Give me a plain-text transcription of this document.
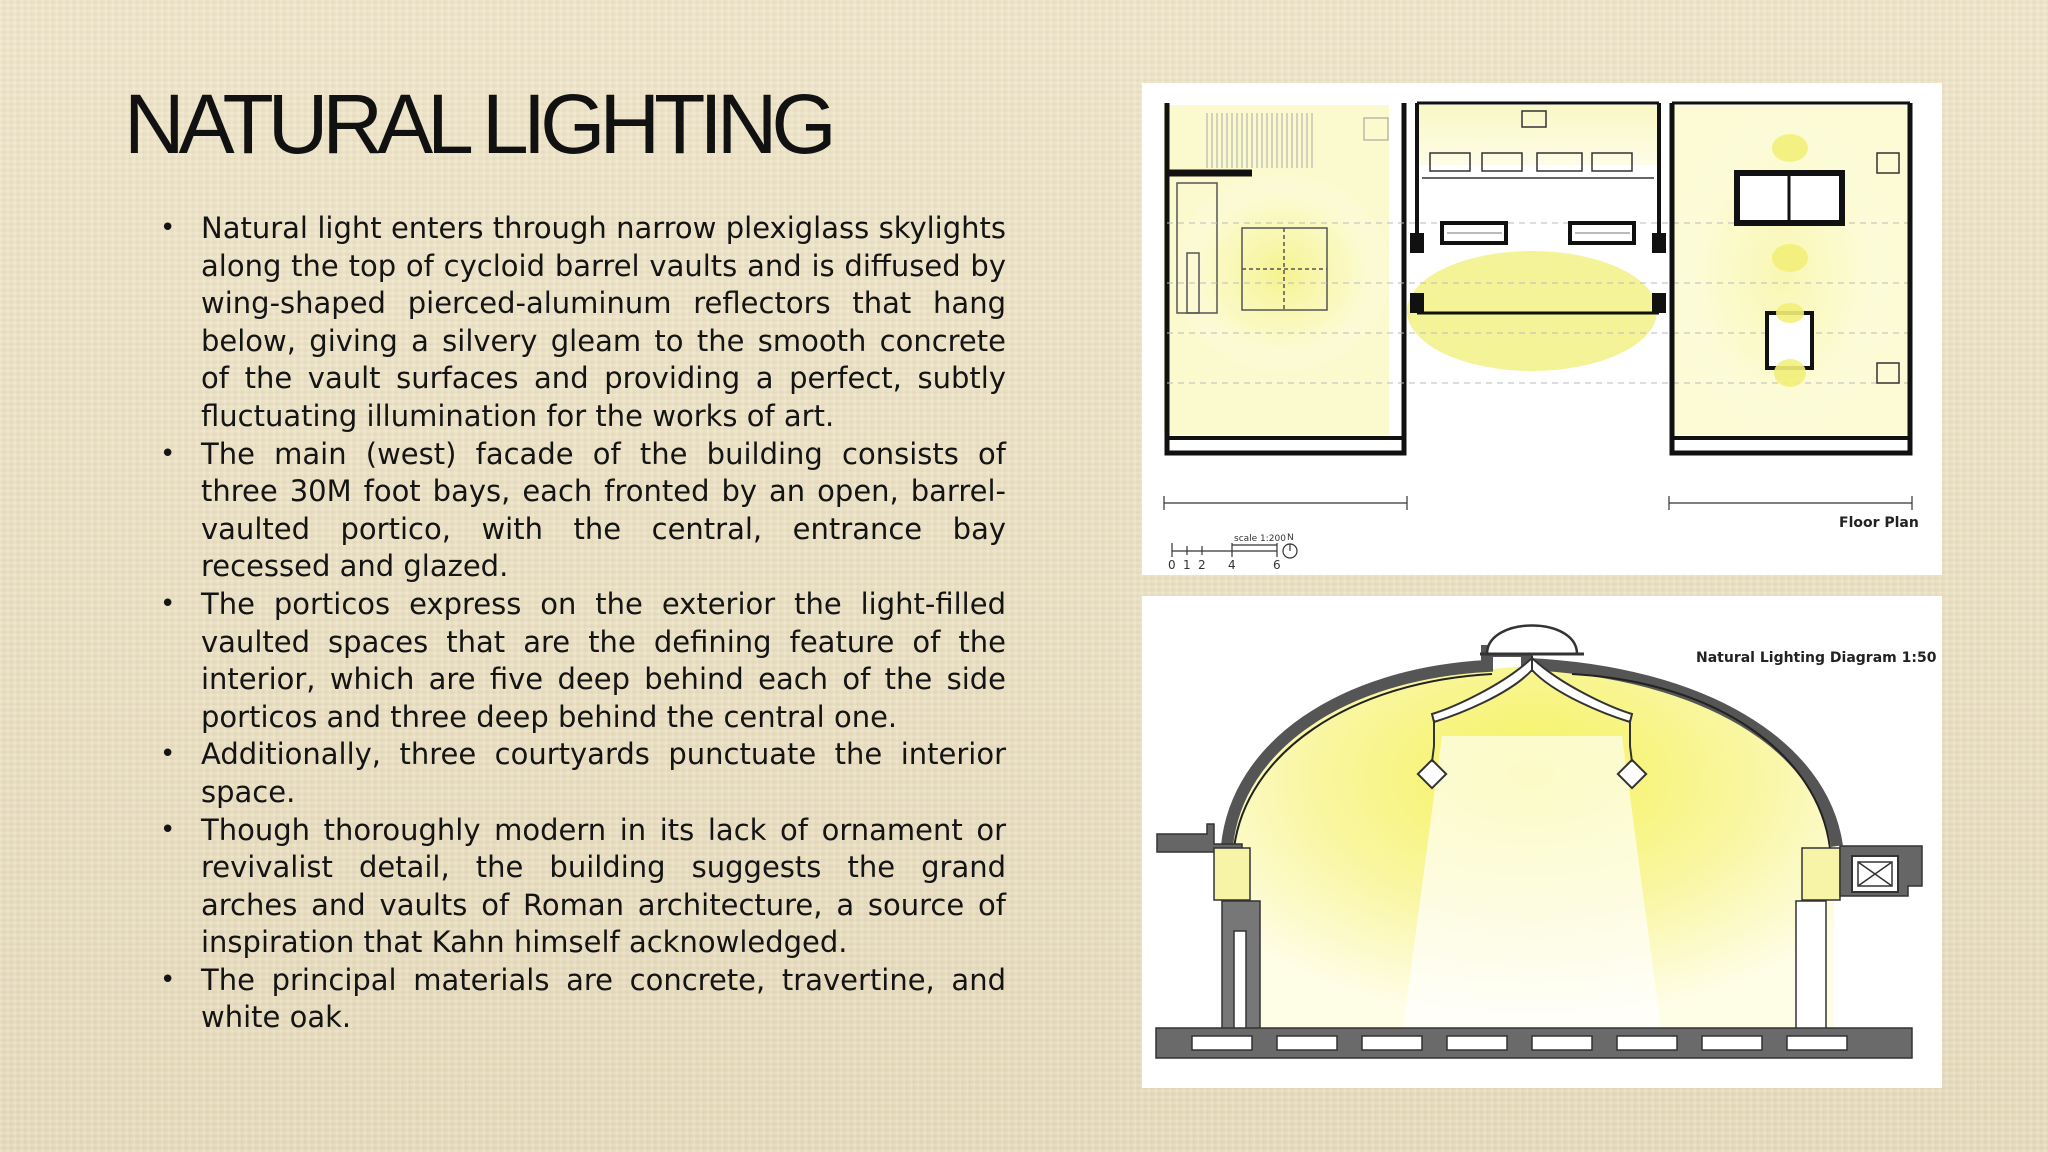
NATURAL LIGHTING
• Natural light enters through narrow plexiglass skylights along the top of cycloid barrel vaults and is diffused by wing-shaped pierced-aluminum reflectors that hang below, giving a silvery gleam to the smooth concrete of the vault surfaces and providing a perfect, subtly fluctuating illumination for the works of art.
• The main (west) facade of the building consists of three 30M foot bays, each fronted by an open, barrel-vaulted portico, with the central, entrance bay recessed and glazed.
• The porticos express on the exterior the light-filled vaulted spaces that are the defining feature of the interior, which are five deep behind each of the side porticos and three deep behind the central one.
• Additionally, three courtyards punctuate the interior space.
• Though thoroughly modern in its lack of ornament or revivalist detail, the building suggests the grand arches and vaults of Roman architecture, a source of inspiration that Kahn himself acknowledged.
• The principal materials are concrete, travertine, and white oak.
0 1 2 4	6
scale 1:200 N
Floor Plan
Natural Lighting Diagram 1:50
